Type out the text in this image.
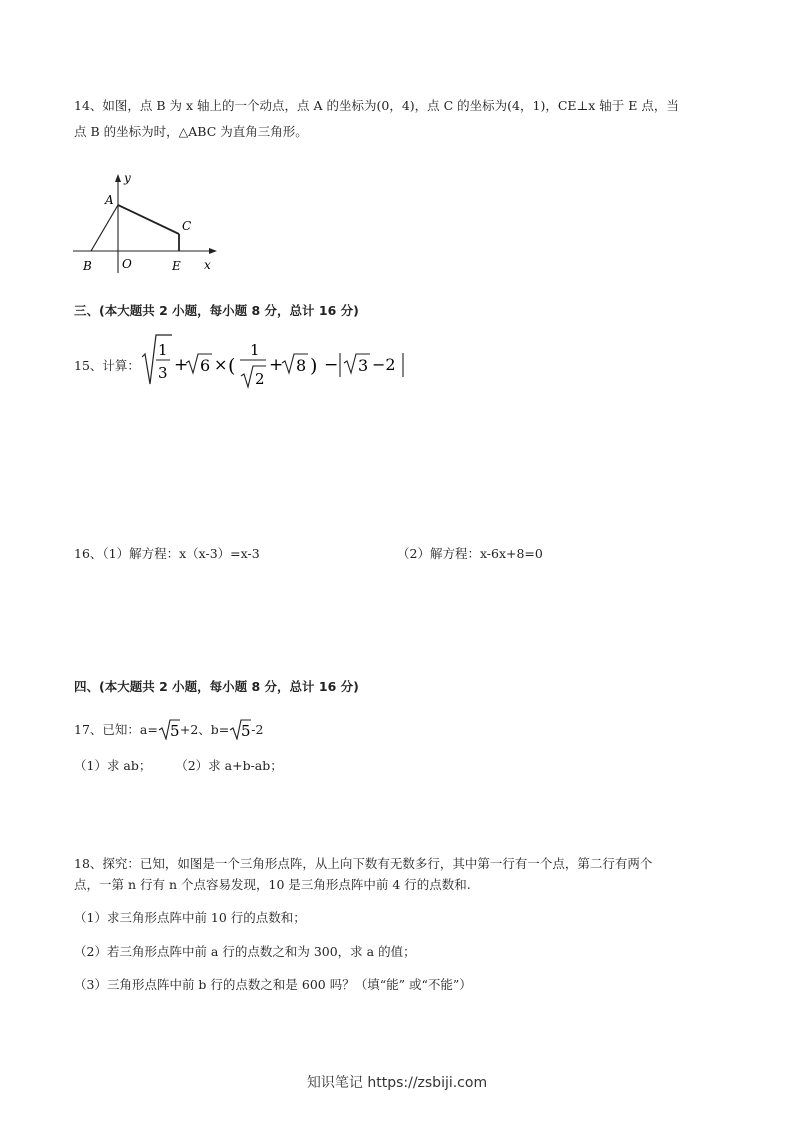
14、如图，点 B 为 x 轴上的一个动点，点 A 的坐标为(0，4)，点 C 的坐标为(4，1)，CE⊥x 轴于 E 点，当
点 B 的坐标为时，△ABC 为直角三角形。
y
x
A
B
C
O	E
三、(本大题共 2 小题，每小题 8 分，总计 16 分)
15、计算：
1
3 + 6 × (
1
2
+ 8 ) − 3 −2
16、（1）解方程：x（x-3）=x-3	（2）解方程：x-6x+8=0
四、(本大题共 2 小题，每小题 8 分，总计 16 分)
17、已知：a= 5 +2、b= 5 -2
（1）求 ab；      （2）求 a+b-ab；
18、探究：已知，如图是一个三角形点阵，从上向下数有无数多行，其中第一行有一个点，第二行有两个
点，一第 n 行有 n 个点容易发现，10 是三角形点阵中前 4 行的点数和.
（1）求三角形点阵中前 10 行的点数和；
（2）若三角形点阵中前 a 行的点数之和为 300，求 a 的值；
（3）三角形点阵中前 b 行的点数之和是 600 吗？（填“能” 或“不能”）
知识笔记 https://zsbiji.com
